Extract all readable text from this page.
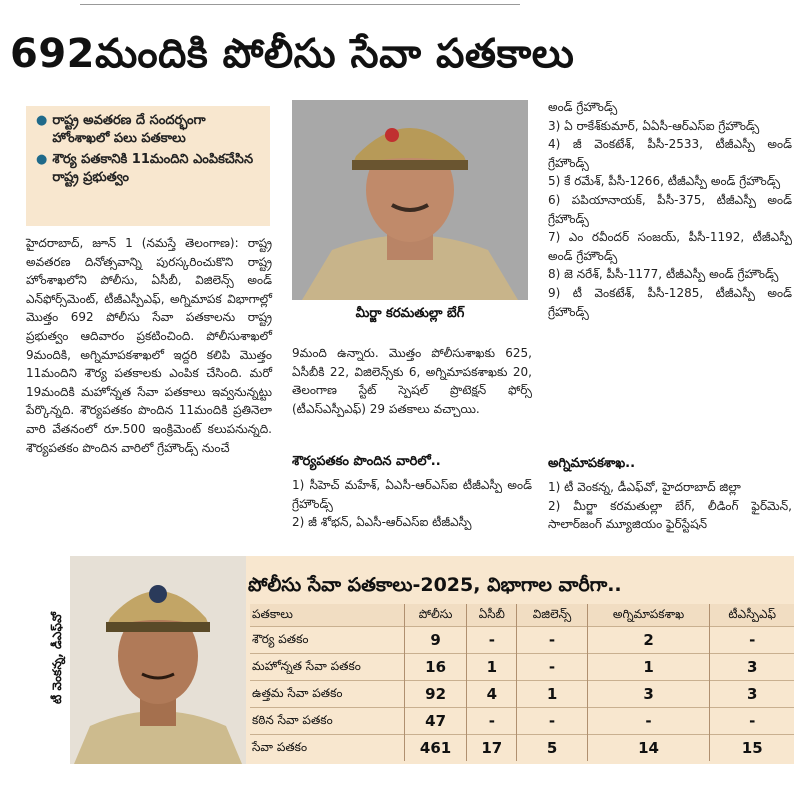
692మందికి పోలీసు సేవా పతకాలు
● రాష్ట్ర అవతరణ దే సందర్భంగా హోంశాఖలో పలు పతకాలు
● శౌర్య పతకానికి 11మందిని ఎంపికచేసిన రాష్ట్ర ప్రభుత్వం
హైదరాబాద్, జూన్ 1 (నమస్తే తెలంగాణ): రాష్ట్ర అవతరణ దినోత్సవాన్ని పురస్కరించుకొని రాష్ట్ర హోంశాఖలోని పోలీసు, ఏసీబీ, విజిలెన్స్ అండ్ ఎన్‌ఫోర్స్‌మెంట్, టీజీఎస్పీఎఫ్, అగ్నిమాపక విభాగాల్లో మొత్తం 692 పోలీసు సేవా పతకాలను రాష్ట్ర ప్రభుత్వం ఆదివారం ప్రకటించింది. పోలీసుశాఖలో 9మందికి, అగ్నిమాపకశాఖలో ఇద్దరి కలిపి మొత్తం 11మందిని శౌర్య పతకాలకు ఎంపిక చేసింది. మరో 19మందికి మహోన్నత సేవా పతకాలు ఇవ్వనున్నట్టు పేర్కొన్నది. శౌర్యపతకం పొందిన 11మందికి ప్రతినెలా వారి వేతనంలో రూ.500 ఇంక్రిమెంట్ కలుపనున్నది. శౌర్యపతకం పొందిన వారిలో గ్రేహౌండ్స్ నుంచే
మీర్జా కరమతుల్లా బేగ్
9మంది ఉన్నారు. మొత్తం పోలీసుశాఖకు 625, ఏసీబీకి 22, విజిలెన్స్‌కు 6, అగ్నిమాపకశాఖకు 20, తెలంగాణ స్టేట్ స్పెషల్ ప్రొటెక్షన్ ఫోర్స్ (టీఎస్‌ఎస్పీఎఫ్) 29 పతకాలు వచ్చాయి.
శౌర్యపతకం పొందిన వారిలో..
1) సీహెచ్ మహేశ్, ఏఎసీ-ఆర్ఎస్ఐ టీజీఎస్పీ అండ్ గ్రేహౌండ్స్
2) జీ శోభన్, ఏఎసీ-ఆర్ఎస్ఐ టీజీఎస్పీ
అండ్ గ్రేహౌండ్స్
3) ఏ రాకేశ్‌కుమార్, ఏఏసీ-ఆర్ఎస్ఐ గ్రేహౌండ్స్
4) జీ వెంకటేశ్, పీసీ-2533, టీజీఎస్పీ అండ్ గ్రేహౌండ్స్
5) కే రమేశ్, పీసీ-1266, టీజీఎస్పీ అండ్ గ్రేహౌండ్స్
6) పపియానాయక్, పీసీ-375, టీజీఎస్పీ అండ్ గ్రేహౌండ్స్
7) ఎం రవీందర్ సంజయ్, పీసీ-1192, టీజీఎస్పీ అండ్ గ్రేహౌండ్స్
8) జె నరేశ్, పీసీ-1177, టీజీఎస్పీ అండ్ గ్రేహౌండ్స్
9) టీ వెంకటేశ్, పీసీ-1285, టీజీఎస్పీ అండ్ గ్రేహౌండ్స్
అగ్నిమాపకశాఖ..
1) టీ వెంకన్న, డీఎఫ్‌వో, హైదరాబాద్ జిల్లా
2) మీర్జా కరమతుల్లా బేగ్, లీడింగ్ ఫైర్‌మెన్, సాలార్‌జంగ్ మ్యూజియం ఫైర్‌స్టేషన్
టీ వెంకన్న, డీఎఫ్‌వో
పోలీసు సేవా పతకాలు-2025, విభాగాల వారీగా..
పతకాలు	పోలీసు	ఏసీబీ	విజిలెన్స్	అగ్నిమాపకశాఖ	టీఎస్పీఎఫ్
శౌర్య పతకం	9	-	-	2	-
మహోన్నత సేవా పతకం	16	1	-	1	3
ఉత్తమ సేవా పతకం	92	4	1	3	3
కఠిన సేవా పతకం	47	-	-	-	-
సేవా పతకం	461	17	5	14	15
